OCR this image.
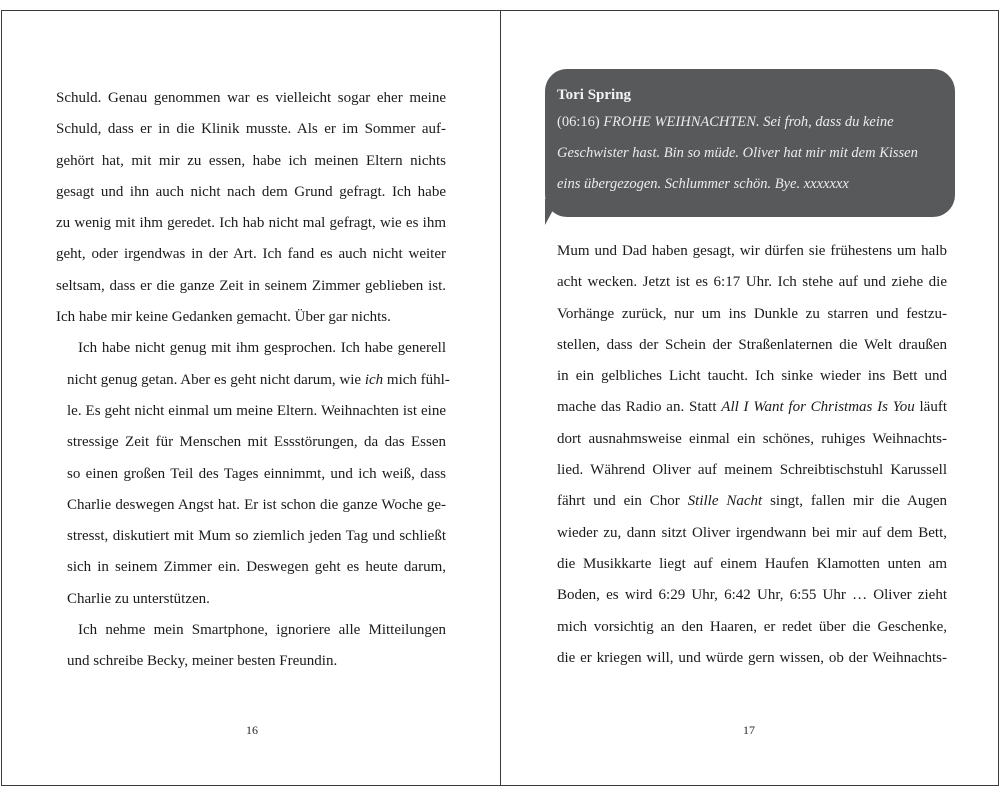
Schuld. Genau genommen war es vielleicht sogar eher meine
Schuld, dass er in die Klinik musste. Als er im Sommer auf-
gehört hat, mit mir zu essen, habe ich meinen Eltern nichts
gesagt und ihn auch nicht nach dem Grund gefragt. Ich habe
zu wenig mit ihm geredet. Ich hab nicht mal gefragt, wie es ihm
geht, oder irgendwas in der Art. Ich fand es auch nicht weiter
seltsam, dass er die ganze Zeit in seinem Zimmer geblieben ist.
Ich habe mir keine Gedanken gemacht. Über gar nichts.

Ich habe nicht genug mit ihm gesprochen. Ich habe generell
nicht genug getan. Aber es geht nicht darum, wie ich mich fühl-
le. Es geht nicht einmal um meine Eltern. Weihnachten ist eine
stressige Zeit für Menschen mit Essstörungen, da das Essen
so einen großen Teil des Tages einnimmt, und ich weiß, dass
Charlie deswegen Angst hat. Er ist schon die ganze Woche ge-
stresst, diskutiert mit Mum so ziemlich jeden Tag und schließt
sich in seinem Zimmer ein. Deswegen geht es heute darum,
Charlie zu unterstützen.

Ich nehme mein Smartphone, ignoriere alle Mitteilungen
und schreibe Becky, meiner besten Freundin.

16
Tori Spring
(06:16) FROHE WEIHNACHTEN. Sei froh, dass du keine
Geschwister hast. Bin so müde. Oliver hat mir mit dem Kissen
eins übergezogen. Schlummer schön. Bye. xxxxxxx

Mum und Dad haben gesagt, wir dürfen sie frühestens um halb
acht wecken. Jetzt ist es 6:17 Uhr. Ich stehe auf und ziehe die
Vorhänge zurück, nur um ins Dunkle zu starren und festzu-
stellen, dass der Schein der Straßenlaternen die Welt draußen
in ein gelbliches Licht taucht. Ich sinke wieder ins Bett und
mache das Radio an. Statt All I Want for Christmas Is You läuft
dort ausnahmsweise einmal ein schönes, ruhiges Weihnachts-
lied. Während Oliver auf meinem Schreibtischstuhl Karussell
fährt und ein Chor Stille Nacht singt, fallen mir die Augen
wieder zu, dann sitzt Oliver irgendwann bei mir auf dem Bett,
die Musikkarte liegt auf einem Haufen Klamotten unten am
Boden, es wird 6:29 Uhr, 6:42 Uhr, 6:55 Uhr … Oliver zieht
mich vorsichtig an den Haaren, er redet über die Geschenke,
die er kriegen will, und würde gern wissen, ob der Weihnachts-

17
